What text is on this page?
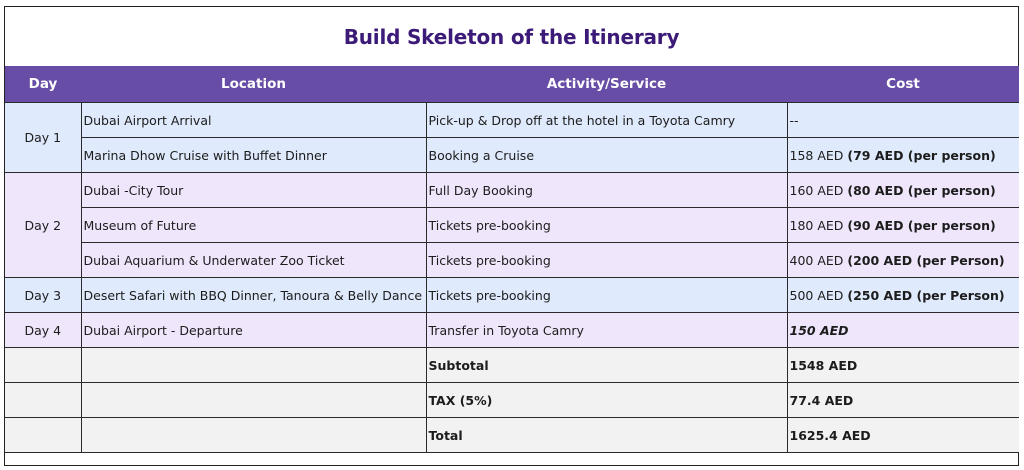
Build Skeleton of the Itinerary
Day	Location	Activity/Service	Cost
Day 1	Dubai Airport Arrival	Pick-up & Drop off at the hotel in a Toyota Camry	--
	Marina Dhow Cruise with Buffet Dinner	Booking a Cruise	158 AED (79 AED (per person)
Day 2	Dubai -City Tour	Full Day Booking	160 AED (80 AED (per person)
	Museum of Future	Tickets pre-booking	180 AED (90 AED (per person)
	Dubai Aquarium & Underwater Zoo Ticket	Tickets pre-booking	400 AED (200 AED (per Person)
Day 3	Desert Safari with BBQ Dinner, Tanoura & Belly Dance	Tickets pre-booking	500 AED (250 AED (per Person)
Day 4	Dubai Airport - Departure	Transfer in Toyota Camry	150 AED
		Subtotal	1548 AED
		TAX (5%)	77.4 AED
		Total	1625.4 AED
